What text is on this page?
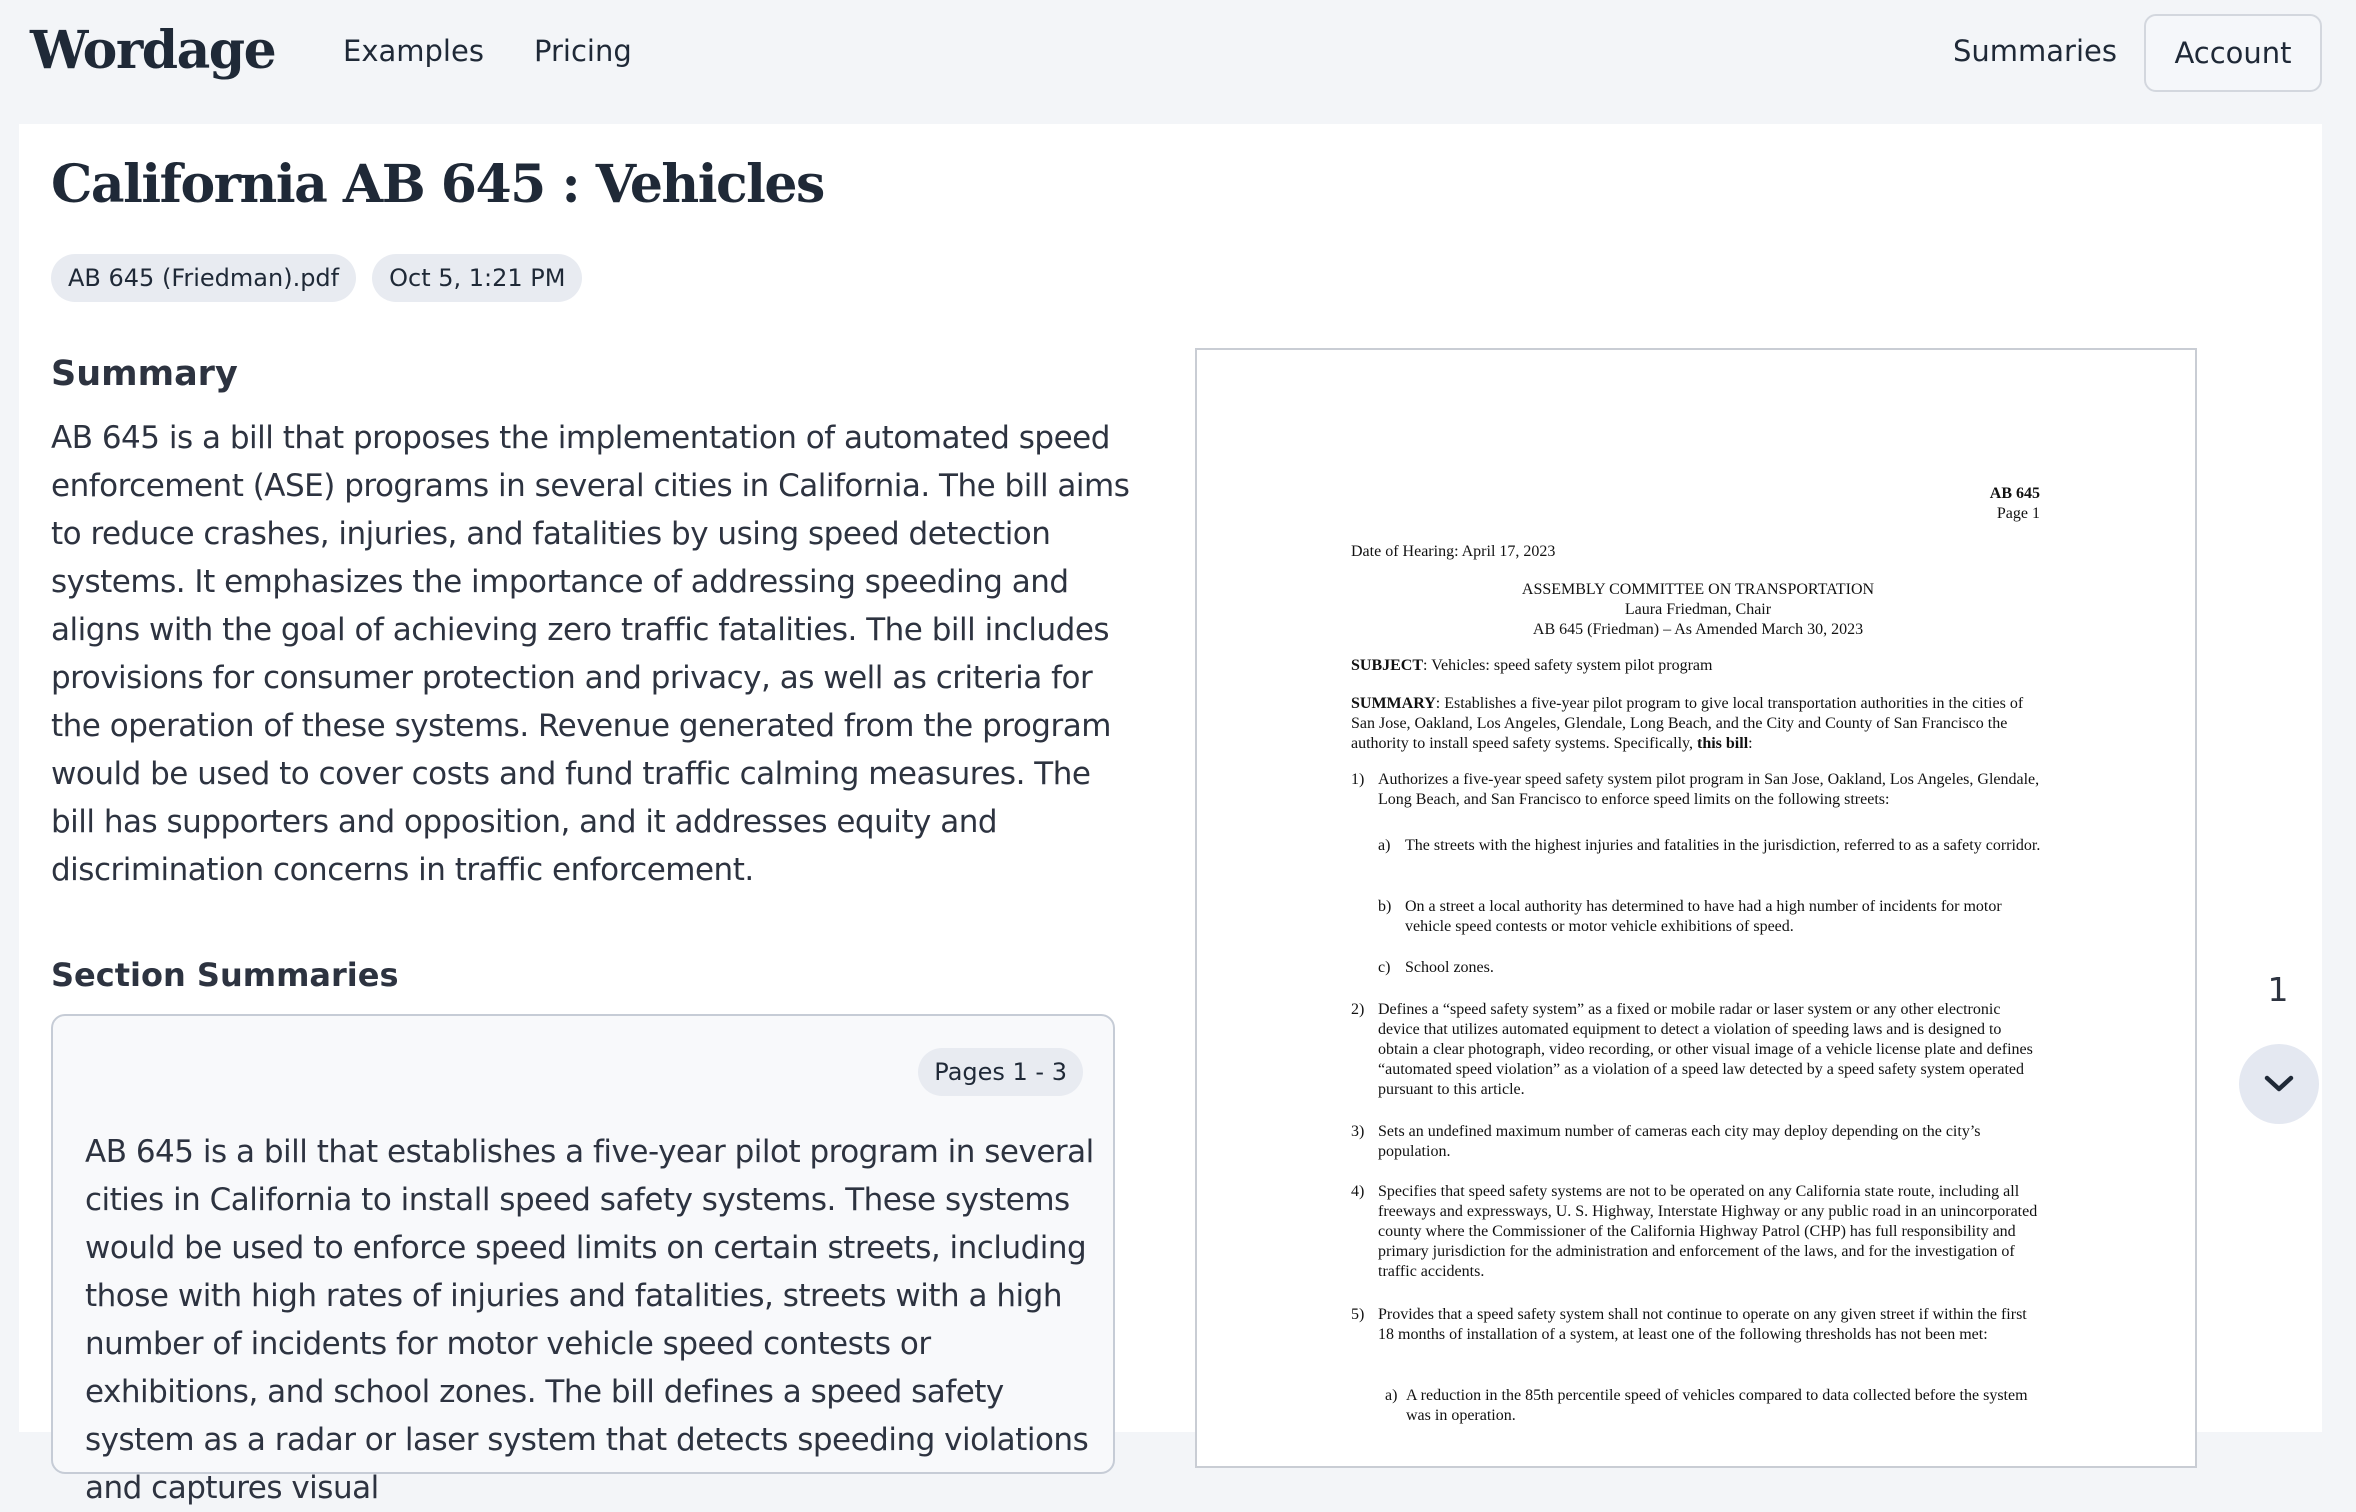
Wordage Examples Pricing	Summaries	Account
California AB 645 : Vehicles
AB 645 (Friedman).pdf	Oct 5, 1:21 PM
Summary
AB 645 is a bill that proposes the implementation of automated speed enforcement (ASE) programs in several cities in California. The bill aims to reduce crashes, injuries, and fatalities by using speed detection systems. It emphasizes the importance of addressing speeding and aligns with the goal of achieving zero traffic fatalities. The bill includes provisions for consumer protection and privacy, as well as criteria for the operation of these systems. Revenue generated from the program would be used to cover costs and fund traffic calming measures. The bill has supporters and opposition, and it addresses equity and discrimination concerns in traffic enforcement.
Section Summaries
Pages 1 - 3
AB 645 is a bill that establishes a five-year pilot program in several cities in California to install speed safety systems. These systems would be used to enforce speed limits on certain streets, including those with high rates of injuries and fatalities, streets with a high number of incidents for motor vehicle speed contests or exhibitions, and school zones. The bill defines a speed safety system as a radar or laser system that detects speeding violations and captures visual
AB 645
Page 1
Date of Hearing: April 17, 2023
ASSEMBLY COMMITTEE ON TRANSPORTATION
Laura Friedman, Chair
AB 645 (Friedman) – As Amended March 30, 2023
SUBJECT: Vehicles: speed safety system pilot program
SUMMARY: Establishes a five-year pilot program to give local transportation authorities in the cities of San Jose, Oakland, Los Angeles, Glendale, Long Beach, and the City and County of San Francisco the authority to install speed safety systems. Specifically, this bill:
1) Authorizes a five-year speed safety system pilot program in San Jose, Oakland, Los Angeles, Glendale, Long Beach, and San Francisco to enforce speed limits on the following streets:
a) The streets with the highest injuries and fatalities in the jurisdiction, referred to as a safety corridor.
b) On a street a local authority has determined to have had a high number of incidents for motor vehicle speed contests or motor vehicle exhibitions of speed.
c) School zones.
2) Defines a “speed safety system” as a fixed or mobile radar or laser system or any other electronic device that utilizes automated equipment to detect a violation of speeding laws and is designed to obtain a clear photograph, video recording, or other visual image of a vehicle license plate and defines “automated speed violation” as a violation of a speed law detected by a speed safety system operated pursuant to this article.
3) Sets an undefined maximum number of cameras each city may deploy depending on the city’s population.
4) Specifies that speed safety systems are not to be operated on any California state route, including all freeways and expressways, U. S. Highway, Interstate Highway or any public road in an unincorporated county where the Commissioner of the California Highway Patrol (CHP) has full responsibility and primary jurisdiction for the administration and enforcement of the laws, and for the investigation of traffic accidents.
5) Provides that a speed safety system shall not continue to operate on any given street if within the first 18 months of installation of a system, at least one of the following thresholds has not been met:
a) A reduction in the 85th percentile speed of vehicles compared to data collected before the system was in operation.
1
